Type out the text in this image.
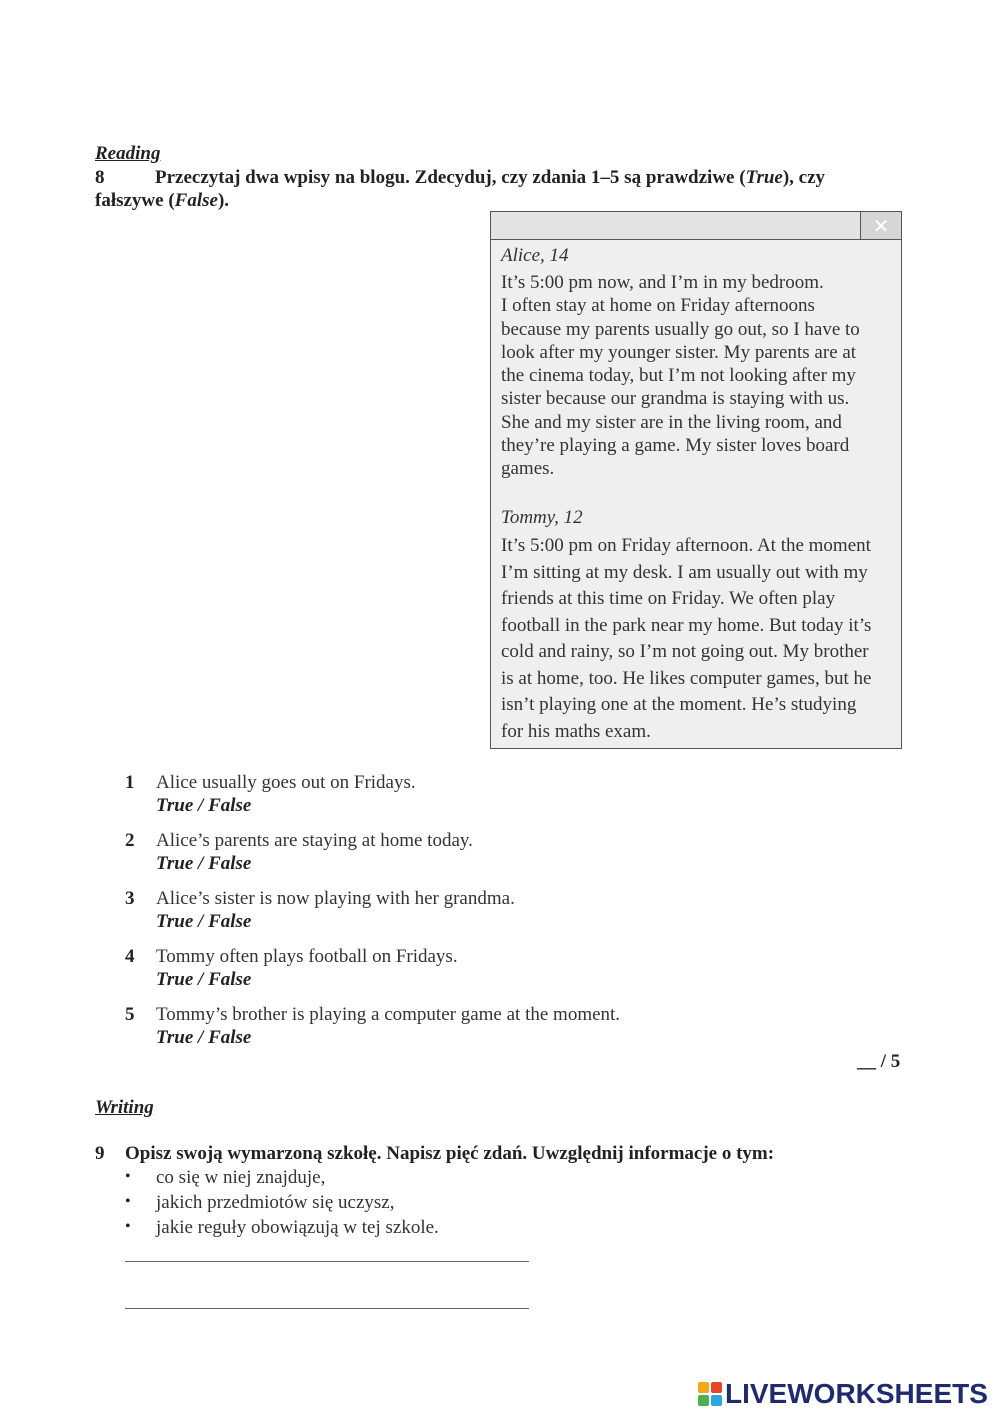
Reading
8	Przeczytaj dwa wpisy na blogu. Zdecyduj, czy zdania 1–5 są prawdziwe (True), czy
fałszywe (False).
✕
Alice, 14
It’s 5:00 pm now, and I’m in my bedroom.
I often stay at home on Friday afternoons
because my parents usually go out, so I have to
look after my younger sister. My parents are at
the cinema today, but I’m not looking after my
sister because our grandma is staying with us.
She and my sister are in the living room, and
they’re playing a game. My sister loves board
games.
Tommy, 12
It’s 5:00 pm on Friday afternoon. At the moment
I’m sitting at my desk. I am usually out with my
friends at this time on Friday. We often play
football in the park near my home. But today it’s
cold and rainy, so I’m not going out. My brother
is at home, too. He likes computer games, but he
isn’t playing one at the moment. He’s studying
for his maths exam.
1 Alice usually goes out on Fridays.
True / False
2 Alice’s parents are staying at home today.
True / False
3 Alice’s sister is now playing with her grandma.
True / False
4 Tommy often plays football on Fridays.
True / False
5 Tommy’s brother is playing a computer game at the moment.
True / False
__ / 5
Writing
9 Opisz swoją wymarzoną szkołę. Napisz pięć zdań. Uwzględnij informacje o tym:
• co się w niej znajduje,
• jakich przedmiotów się uczysz,
• jakie reguły obowiązują w tej szkole.
LIVEWORKSHEETS
